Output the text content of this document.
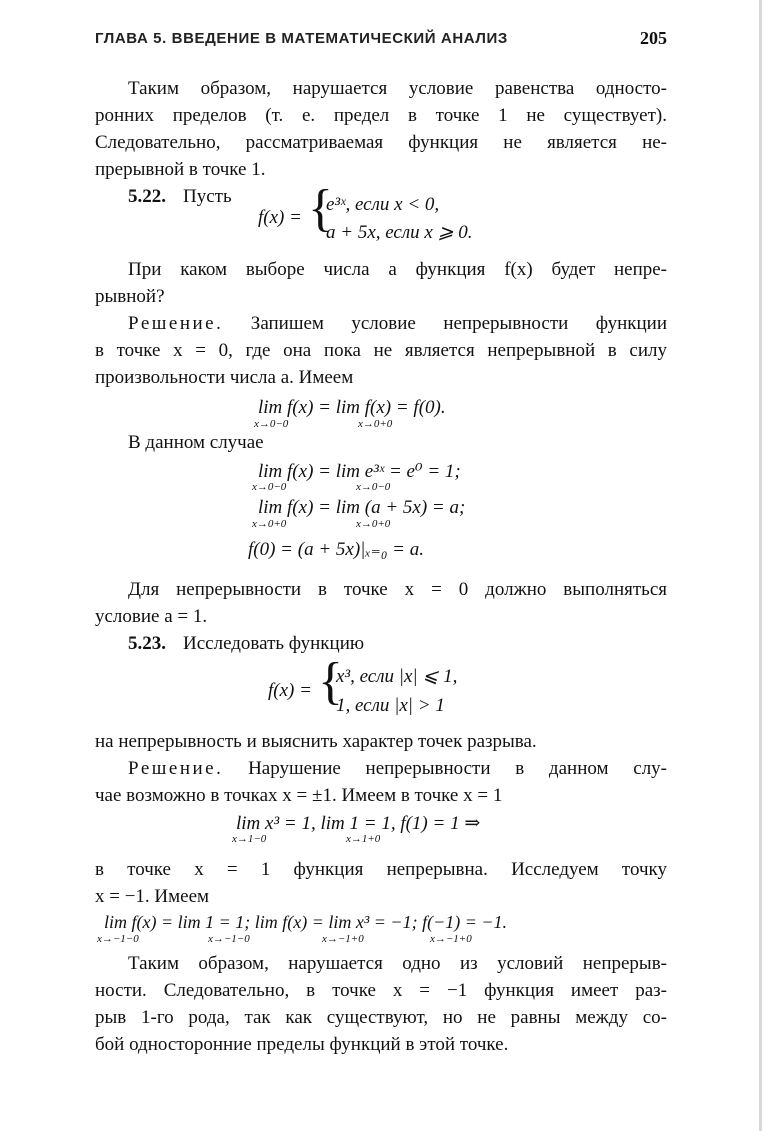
ГЛАВА 5. ВВЕДЕНИЕ В МАТЕМАТИЧЕСКИЙ АНАЛИЗ	205
Таким образом, нарушается условие равенства односто-
ронних пределов (т. е. предел в точке 1 не существует).
Следовательно, рассматриваемая функция не является не-
прерывной в точке 1.
5.22. Пусть
f(x) = {
e³ˣ, если x < 0,
a + 5x, если x ⩾ 0.
При каком выборе числа a функция f(x) будет непре-
рывной?
Решение. Запишем условие непрерывности функции
в точке x = 0, где она пока не является непрерывной в силу
произвольности числа a. Имеем
lim f(x) = lim f(x) = f(0).
x→0−0	x→0+0
В данном случае
lim f(x) = lim e³ˣ = e⁰ = 1;
x→0−0	x→0−0
lim f(x) = lim (a + 5x) = a;
x→0+0	x→0+0
f(0) = (a + 5x)|ₓ₌₀ = a.
Для непрерывности в точке x = 0 должно выполняться
условие a = 1.
5.23. Исследовать функцию
f(x) = {
x³, если |x| ⩽ 1,
1, если |x| > 1
на непрерывность и выяснить характер точек разрыва.
Решение. Нарушение непрерывности в данном слу-
чае возможно в точках x = ±1. Имеем в точке x = 1
lim x³ = 1, lim 1 = 1, f(1) = 1 ⇒
x→1−0	x→1+0
в точке x = 1 функция непрерывна. Исследуем точку
x = −1. Имеем
lim f(x) = lim 1 = 1; lim f(x) = lim x³ = −1; f(−1) = −1.
x→−1−0	x→−1−0	x→−1+0	x→−1+0
Таким образом, нарушается одно из условий непрерыв-
ности. Следовательно, в точке x = −1 функция имеет раз-
рыв 1-го рода, так как существуют, но не равны между со-
бой односторонние пределы функций в этой точке.
